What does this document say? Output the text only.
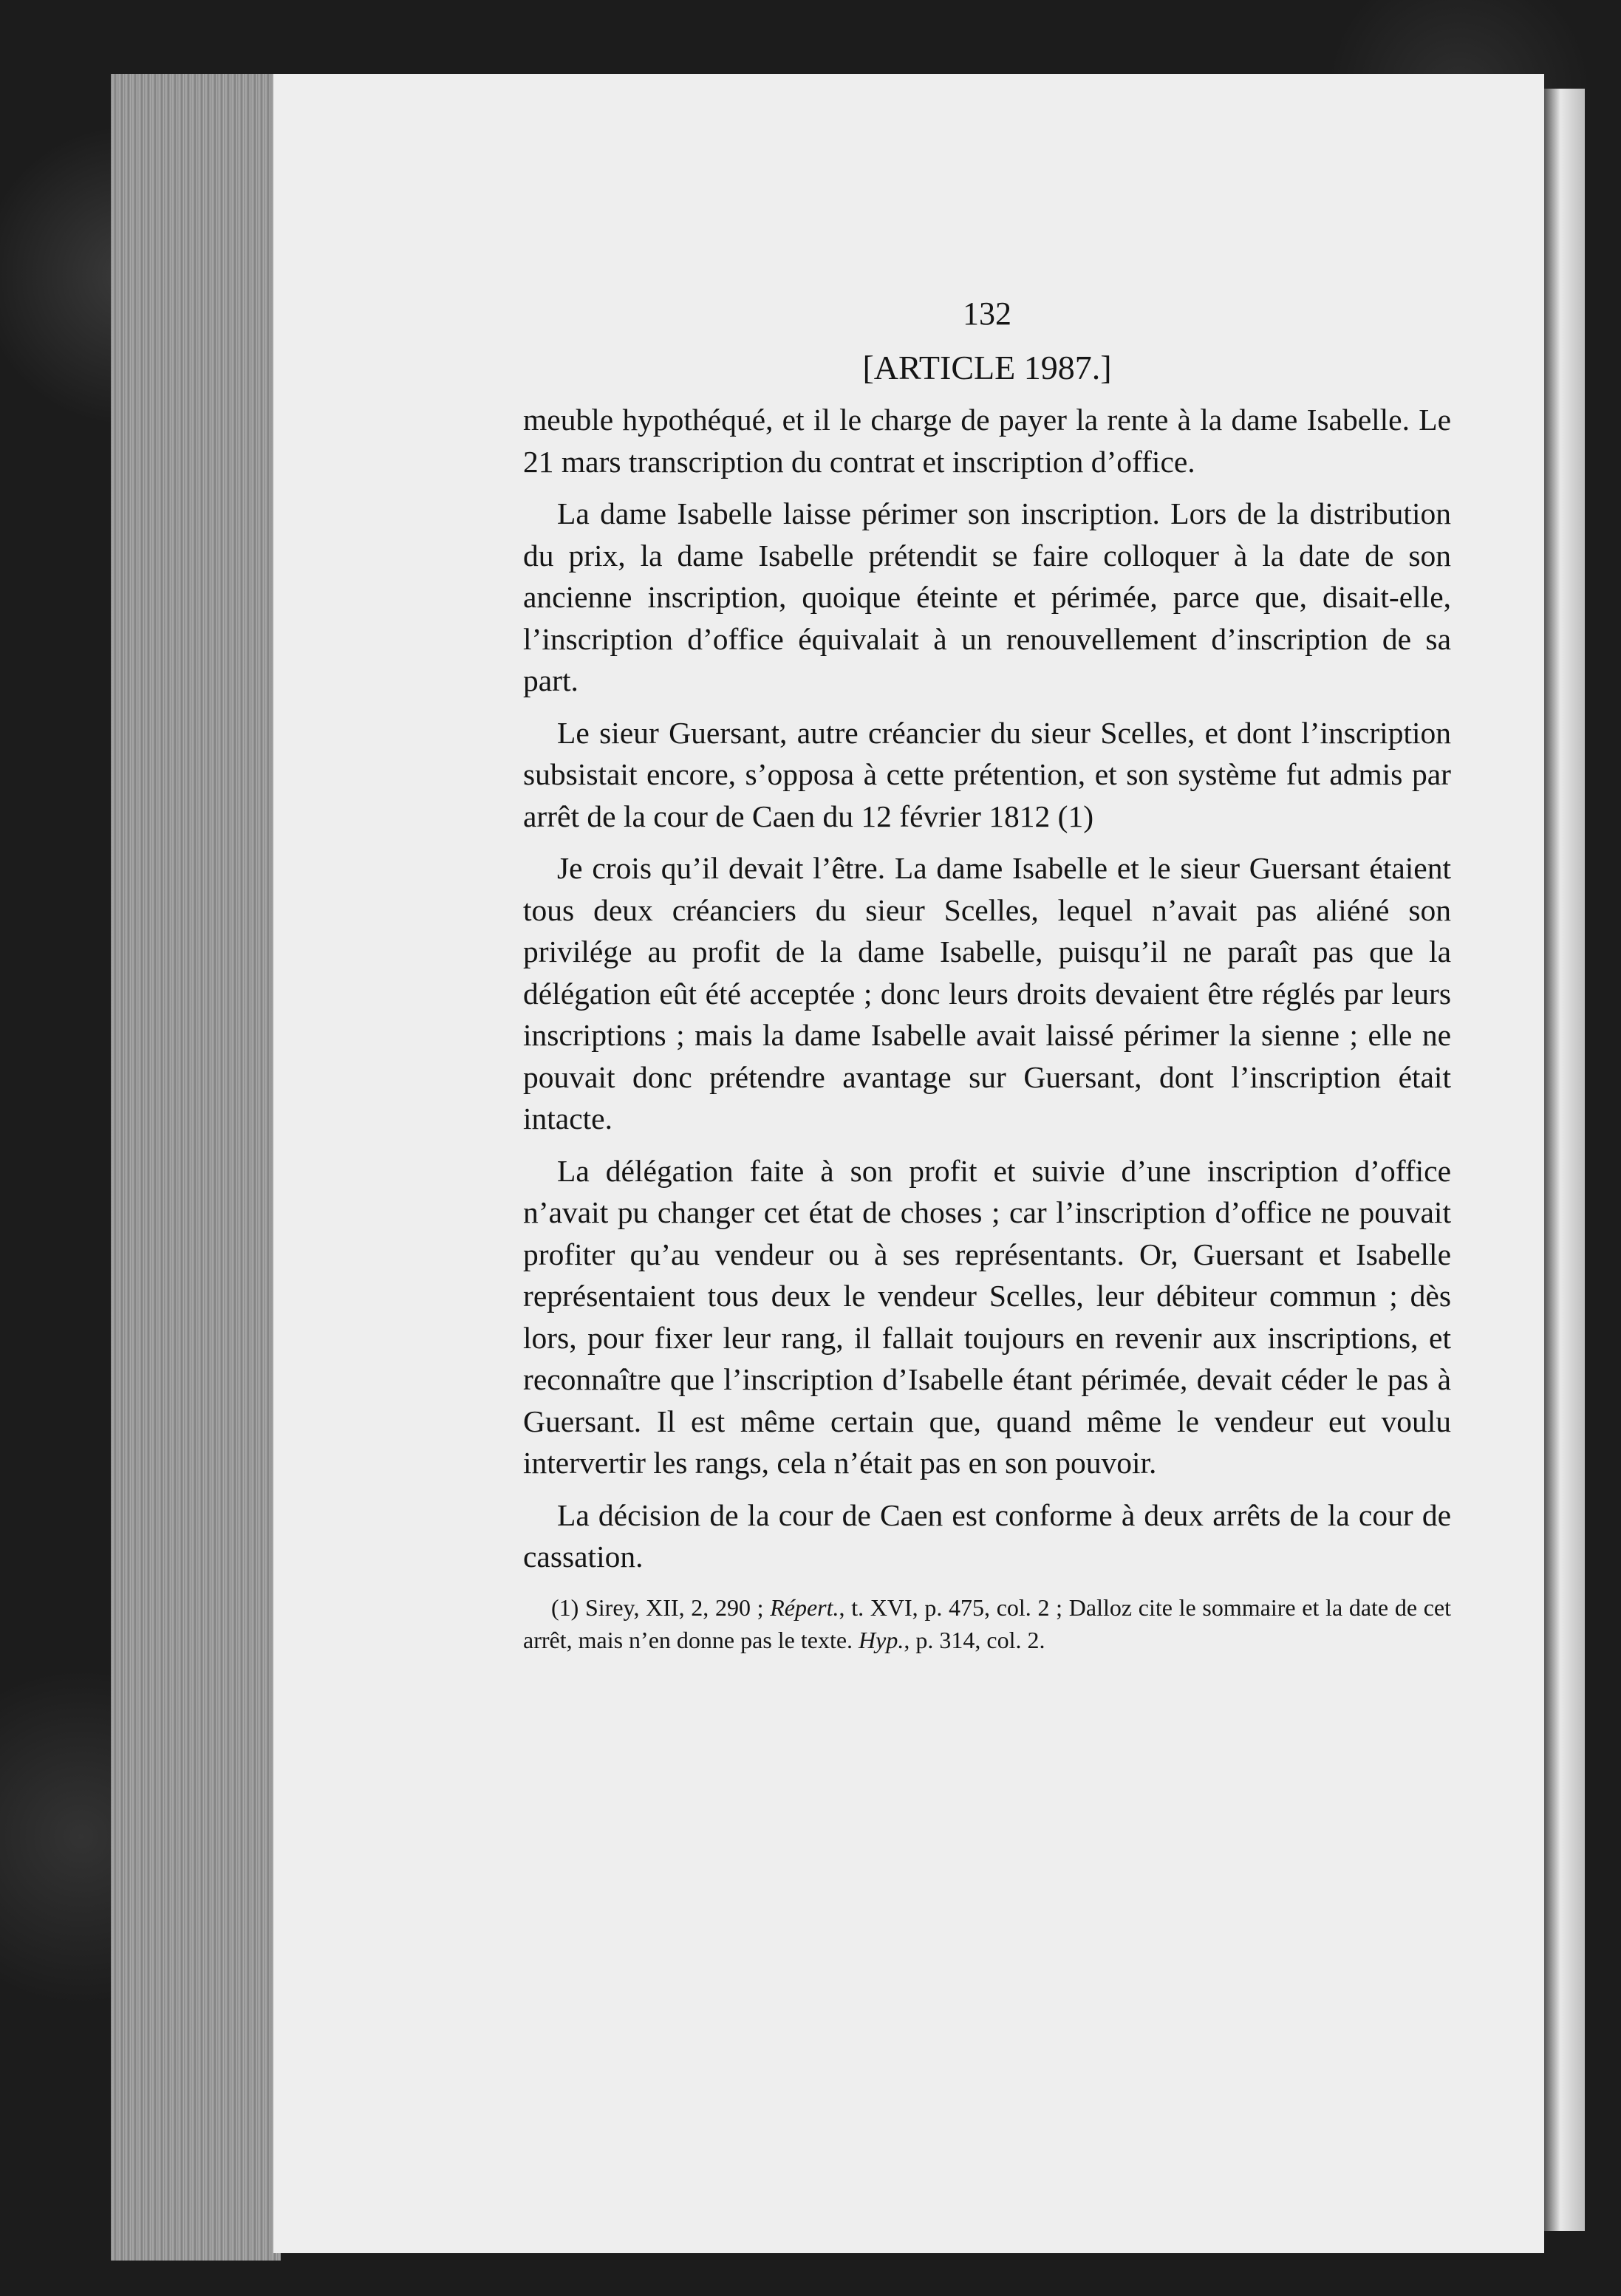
132
[ARTICLE 1987.]

meuble hypothéqué, et il le charge de payer la rente à la dame Isabelle. Le 21 mars transcription du contrat et inscription d’office.

La dame Isabelle laisse périmer son inscription. Lors de la distribution du prix, la dame Isabelle prétendit se faire colloquer à la date de son ancienne inscription, quoique éteinte et périmée, parce que, disait-elle, l’inscription d’office équivalait à un renouvellement d’inscription de sa part.

Le sieur Guersant, autre créancier du sieur Scelles, et dont l’inscription subsistait encore, s’opposa à cette prétention, et son système fut admis par arrêt de la cour de Caen du 12 février 1812 (1)

Je crois qu’il devait l’être. La dame Isabelle et le sieur Guersant étaient tous deux créanciers du sieur Scelles, lequel n’avait pas aliéné son privilége au profit de la dame Isabelle, puisqu’il ne paraît pas que la délégation eût été acceptée ; donc leurs droits devaient être réglés par leurs inscriptions ; mais la dame Isabelle avait laissé périmer la sienne ; elle ne pouvait donc prétendre avantage sur Guersant, dont l’inscription était intacte.

La délégation faite à son profit et suivie d’une inscription d’office n’avait pu changer cet état de choses ; car l’inscription d’office ne pouvait profiter qu’au vendeur ou à ses représentants. Or, Guersant et Isabelle représentaient tous deux le vendeur Scelles, leur débiteur commun ; dès lors, pour fixer leur rang, il fallait toujours en revenir aux inscriptions, et reconnaître que l’inscription d’Isabelle étant périmée, devait céder le pas à Guersant. Il est même certain que, quand même le vendeur eut voulu intervertir les rangs, cela n’était pas en son pouvoir.

La décision de la cour de Caen est conforme à deux arrêts de la cour de cassation.

(1) Sirey, XII, 2, 290 ; Répert., t. XVI, p. 475, col. 2 ; Dalloz cite le sommaire et la date de cet arrêt, mais n’en donne pas le texte. Hyp., p. 314, col. 2.
